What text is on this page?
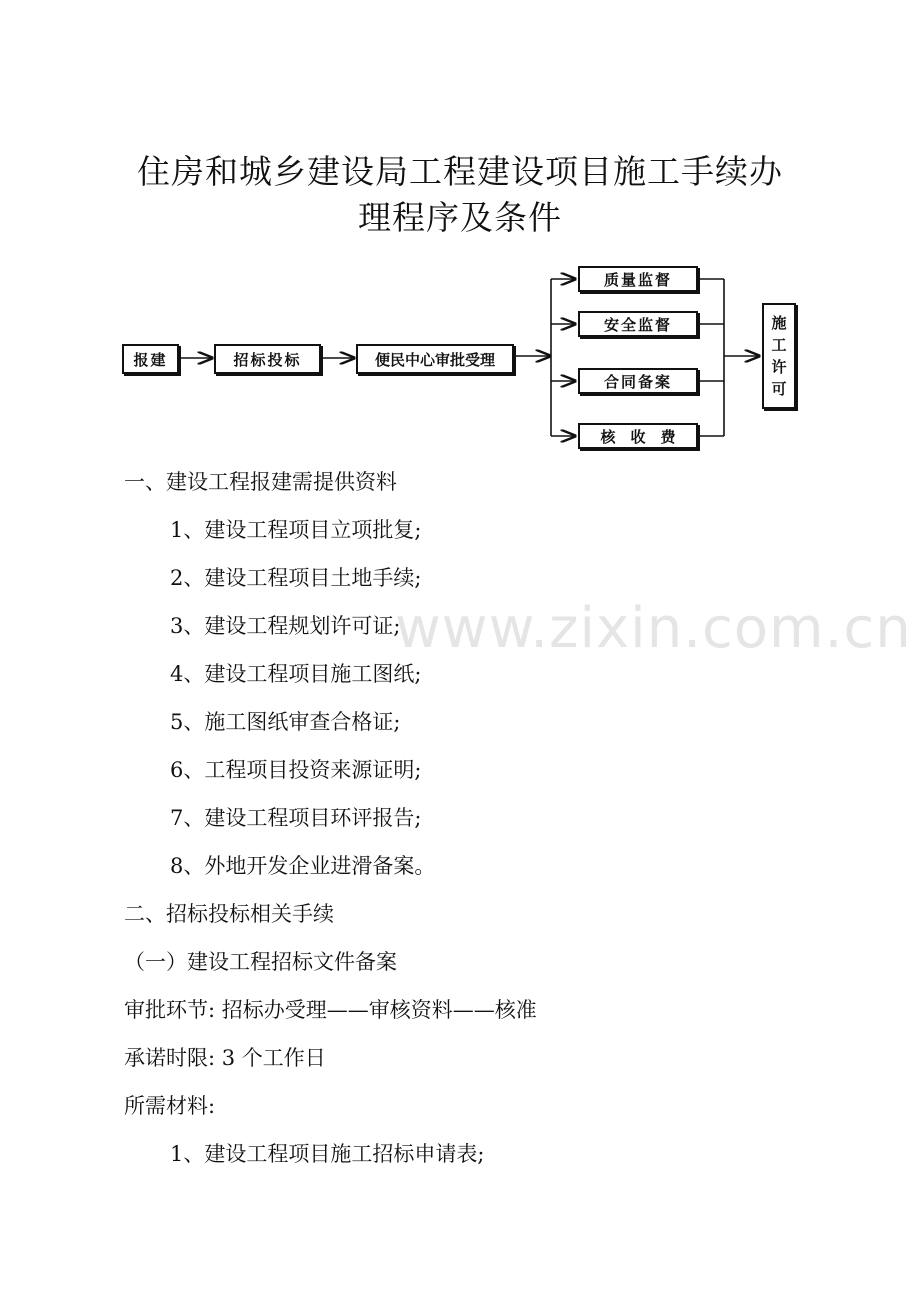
住房和城乡建设局工程建设项目施工手续办
理程序及条件
报建	招标投标	便民中心审批受理
质量监督
安全监督
合同备案
核　收　费
施
工
许
可

一、建设工程报建需提供资料

1、建设工程项目立项批复;

2、建设工程项目土地手续;

3、建设工程规划许可证;

4、建设工程项目施工图纸;

5、施工图纸审查合格证;

6、工程项目投资来源证明;

7、建设工程项目环评报告;

8、外地开发企业进滑备案。

二、招标投标相关手续

（一）建设工程招标文件备案

审批环节: 招标办受理——审核资料——核准

承诺时限: 3 个工作日

所需材料:

1、建设工程项目施工招标申请表;

www.zixin.com.cn
